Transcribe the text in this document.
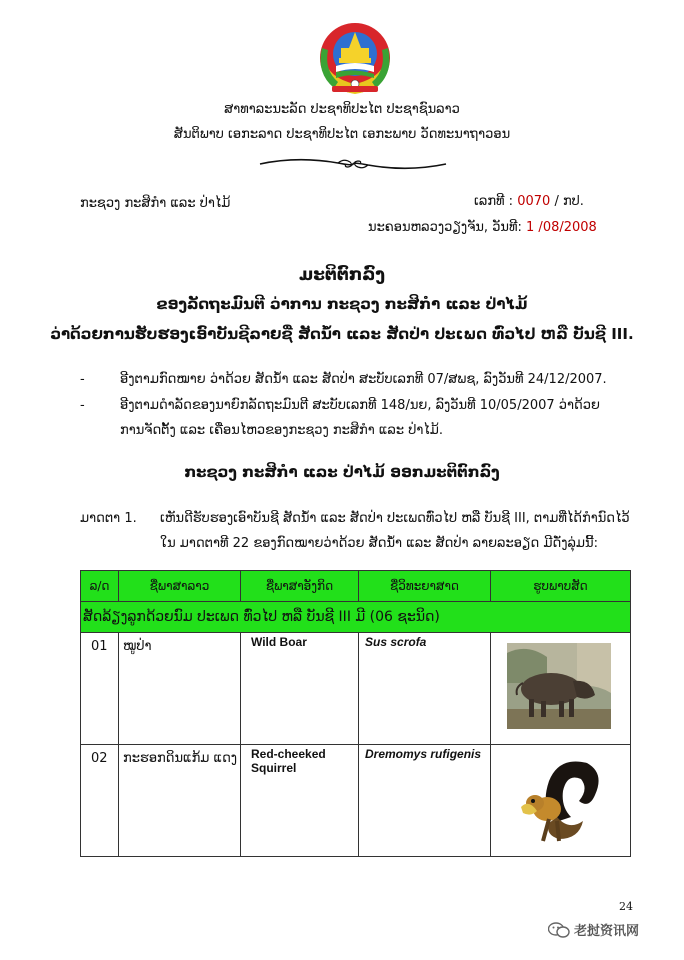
ສາທາລະນະລັດ ປະຊາທິປະໄຕ ປະຊາຊົນລາວ
ສັນຕິພາບ ເອກະລາດ ປະຊາທິປະໄຕ ເອກະພາບ ວັດທະນາຖາວອນ
ກະຊວງ ກະສິກຳ ແລະ ປ່າໄມ້	ເລກທີ : 0070 / ກປ.
ນະຄອນຫລວງວຽງຈັນ, ວັນທີ: 1 /08/2008
ມະຕິຕົກລົງ
ຂອງລັດຖະມົນຕີ ວ່າການ ກະຊວງ ກະສິກຳ ແລະ ປ່າໄມ້
ວ່າດ້ວຍການຮັບຮອງເອົາບັນຊີລາຍຊື່ ສັດນ້ຳ ແລະ ສັດປ່າ ປະເພດ ທົ່ວໄປ ຫລື ບັນຊີ III.
-	ອີງຕາມກົດໝາຍ ວ່າດ້ວຍ ສັດນ້ຳ ແລະ ສັດປ່າ ສະບັບເລກທີ 07/ສພຊ, ລົງວັນທີ 24/12/2007.
-	ອີງຕາມດຳລັດຂອງນາຍົກລັດຖະມົນຕີ ສະບັບເລກທີ 148/ນຍ, ລົງວັນທີ 10/05/2007 ວ່າດ້ວຍ
ການຈັດຕັ້ງ ແລະ ເຄື່ອນໄຫວຂອງກະຊວງ ກະສິກຳ ແລະ ປ່າໄມ້.
ກະຊວງ ກະສິກຳ ແລະ ປ່າໄມ້ ອອກມະຕິຕົກລົງ
ມາດຕາ 1. ເຫັນດີຮັບຮອງເອົາບັນຊີ ສັດນ້ຳ ແລະ ສັດປ່າ ປະເພດທົ່ວໄປ ຫລື ບັນຊີ III, ຕາມທີ່ໄດ້ກຳນົດໄວ້
ໃນ ມາດຕາທີ 22 ຂອງກົດໝາຍວ່າດ້ວຍ ສັດນ້ຳ ແລະ ສັດປ່າ ລາຍລະອຽດ ມີດັ່ງລຸ່ມນີ້:
ລ/ດ	ຊື່ພາສາລາວ	ຊື່ພາສາອັງກິດ	ຊື່ວິທະຍາສາດ	ຮູບພາບສັດ
ສັດລ້ຽງລູກດ້ວຍນົມ ປະເພດ ທົ່ວໄປ ຫລື ບັນຊີ III ມີ (06 ຊະນິດ)				
01	ໝູປ່າ	Wild Boar	Sus scrofa	

02	ກະຮອກດິນແກ້ມ ແດງ	Red-cheeked Squirrel	Dremomys rufigenis	
24
老挝资讯网
